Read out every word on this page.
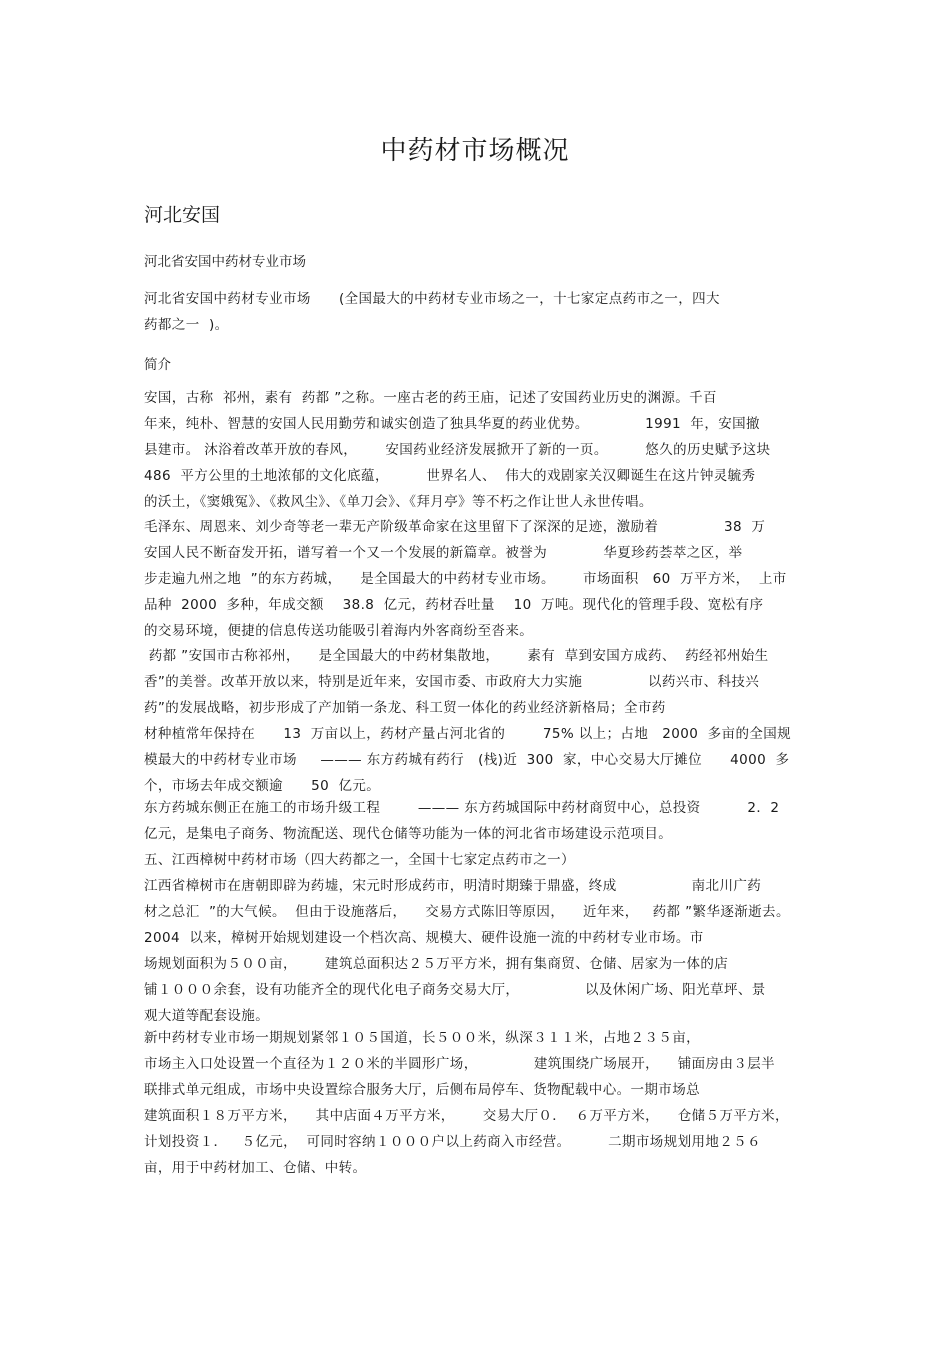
中药材市场概况
河北安国
河北省安国中药材专业市场
河北省安国中药材专业市场      (全国最大的中药材专业市场之一，十七家定点药市之一，四大
药都之一  )。
简介
安国，古称  祁州，素有  药都 ”之称。一座古老的药王庙，记述了安国药业历史的渊源。千百
年来，纯朴、智慧的安国人民用勤劳和诚实创造了独具华夏的药业优势。            1991  年，安国撤
县建市。 沐浴着改革开放的春风，      安国药业经济发展掀开了新的一页。        悠久的历史赋予这块
486  平方公里的土地浓郁的文化底蕴，        世界名人、  伟大的戏剧家关汉卿诞生在这片钟灵毓秀
的沃土，《窦娥冤》、《救风尘》、《单刀会》、《拜月亭》等不朽之作让世人永世传唱。
毛泽东、周恩来、刘少奇等老一辈无产阶级革命家在这里留下了深深的足迹，激励着              38  万
安国人民不断奋发开拓，谱写着一个又一个发展的新篇章。被誉为            华夏珍药荟萃之区，举
步走遍九州之地  ”的东方药城，    是全国最大的中药材专业市场。      市场面积   60  万平方米，  上市
品种  2000  多种，年成交额    38.8  亿元，药材吞吐量    10  万吨。现代化的管理手段、宽松有序
的交易环境，便捷的信息传送功能吸引着海内外客商纷至沓来。
药都 ”安国市古称祁州，    是全国最大的中药材集散地，      素有  草到安国方成药、  药经祁州始生
香”的美誉。改革开放以来，特别是近年来，安国市委、市政府大力实施              以药兴市、科技兴
药”的发展战略，初步形成了产加销一条龙、科工贸一体化的药业经济新格局；全市药
材种植常年保持在      13  万亩以上，药材产量占河北省的        75% 以上；占地   2000  多亩的全国规
模最大的中药材专业市场     ——— 东方药城有药行   (栈)近  300  家，中心交易大厅摊位      4000  多
个，市场去年成交额逾      50  亿元。
东方药城东侧正在施工的市场升级工程        ——— 东方药城国际中药材商贸中心，总投资          2．2
亿元，是集电子商务、物流配送、现代仓储等功能为一体的河北省市场建设示范项目。
五、江西樟树中药材市场（四大药都之一，全国十七家定点药市之一）
江西省樟树市在唐朝即辟为药墟，宋元时形成药市，明清时期臻于鼎盛，终成                南北川广药
材之总汇  ”的大气候。  但由于设施落后，    交易方式陈旧等原因，    近年来，   药都 ”繁华逐渐逝去。
2004  以来，樟树开始规划建设一个档次高、规模大、硬件设施一流的中药材专业市场。市
场规划面积为５００亩，      建筑总面积达２５万平方米，拥有集商贸、仓储、居家为一体的店
铺１０００余套，设有功能齐全的现代化电子商务交易大厅，              以及休闲广场、阳光草坪、景
观大道等配套设施。
新中药材专业市场一期规划紧邻１０５国道，长５００米，纵深３１１米，占地２３５亩，
市场主入口处设置一个直径为１２０米的半圆形广场，            建筑围绕广场展开，    铺面房由３层半
联排式单元组成，市场中央设置综合服务大厅，后侧布局停车、货物配载中心。一期市场总
建筑面积１８万平方米，    其中店面４万平方米，      交易大厅０．  ６万平方米，    仓储５万平方米，
计划投资１．   ５亿元，  可同时容纳１０００户以上药商入市经营。        二期市场规划用地２５６
亩，用于中药材加工、仓储、中转。
